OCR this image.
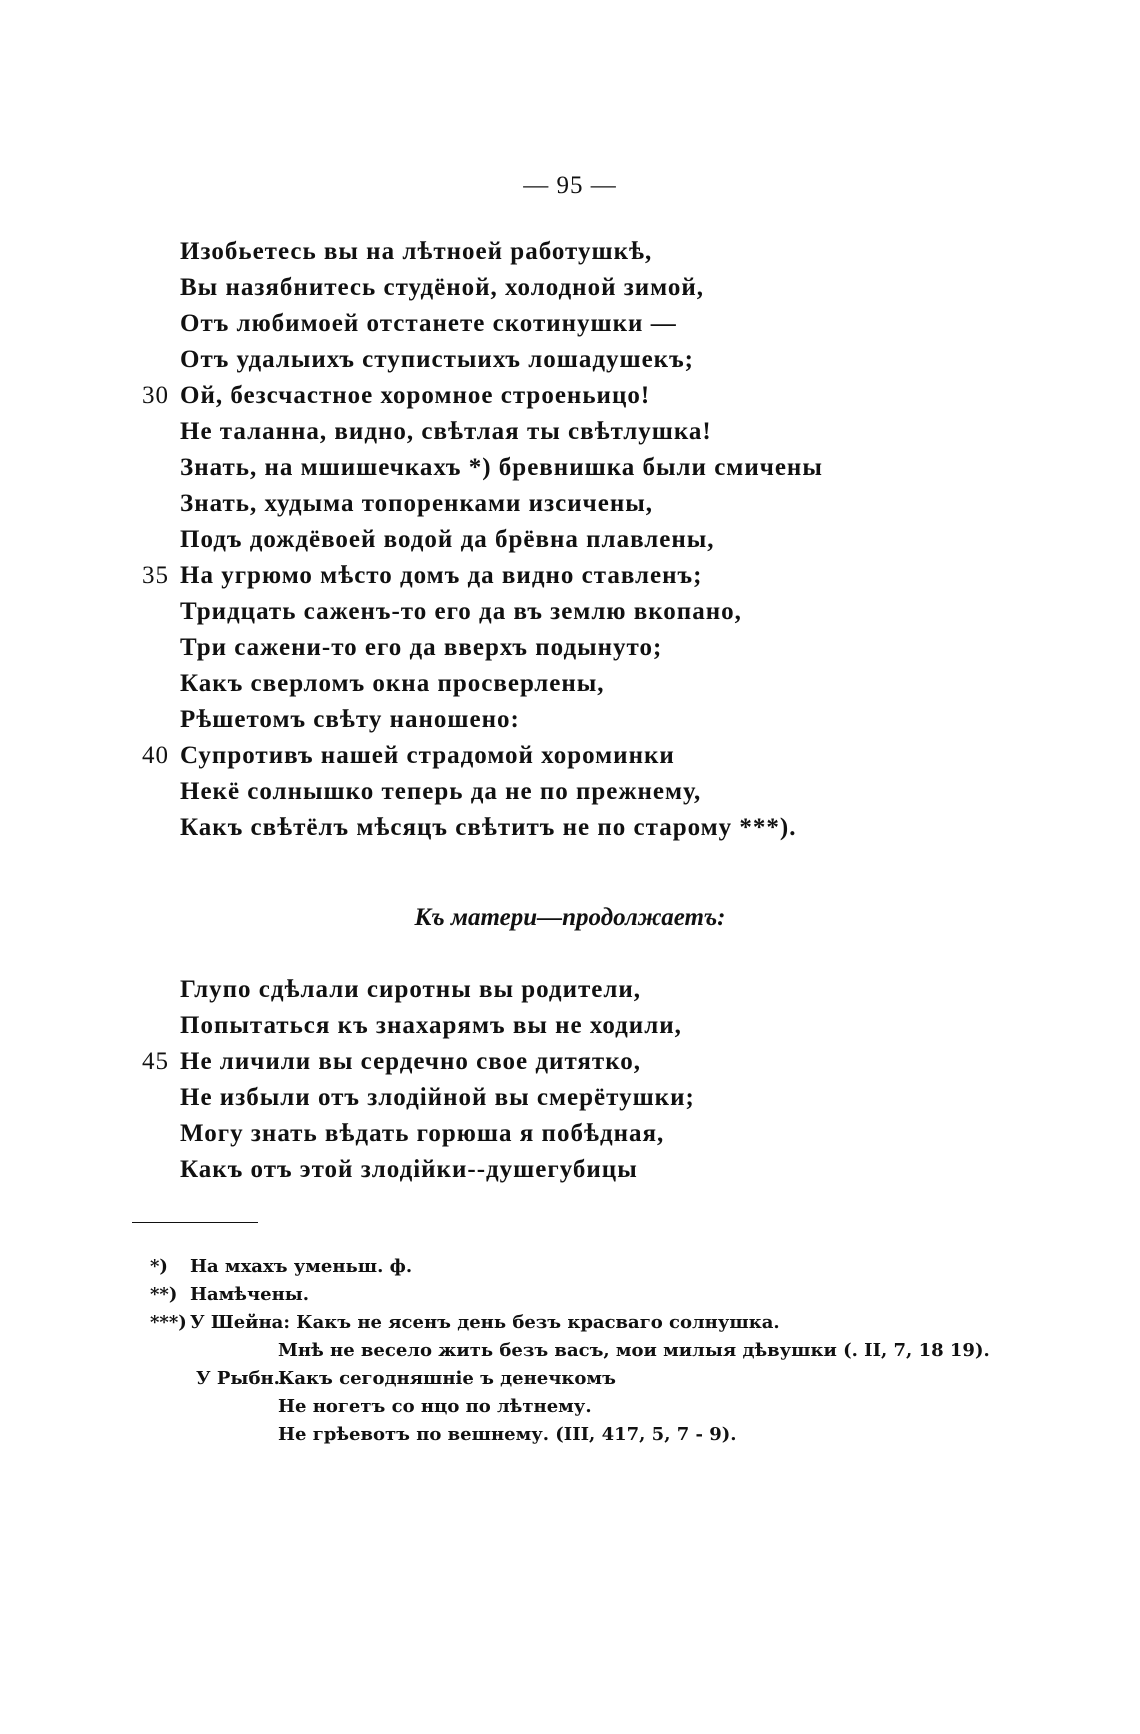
— 95 —
Изобьетесь вы на лѣтноей работушкѣ,
Вы назябнитесь студёной, холодной зимой,
Отъ любимоей отстанете скотинушки —
Отъ удалыихъ ступистыихъ лошадушекъ;
30 Ой, безсчастное хоромное строеньицо!
Не таланна, видно, свѣтлая ты свѣтлушка!
Знать, на мшишечкахъ *) бревнишка были смичены
Знать, худыма топоренками изсичены,
Подъ дождёвоей водой да брёвна плавлены,
35 На угрюмо мѣсто домъ да видно ставленъ;
Тридцать саженъ-то его да въ землю вкопано,
Три сажени-то его да вверхъ подынуто;
Какъ сверломъ окна просверлены,
Рѣшетомъ свѣту наношено:
40 Супротивъ нашей страдомой хороминки
Некё солнышко теперь да не по прежнему,
Какъ свѣтёлъ мѣсяцъ свѣтитъ не по старому ***).
Къ матери—продолжаетъ:
Глупо сдѣлали сиротны вы родители,
Попытаться къ знахарямъ вы не ходили,
45 Не личили вы сердечно свое дитятко,
Не избыли отъ злодійной вы смерётушки;
Могу знать вѣдать горюша я побѣдная,
Какъ отъ этой злодійки--душегубицы
*) На мхахъ уменьш. ф.
**) Намѣчены.
***) У Шейна: Какъ не ясенъ день безъ красваго солнушка.
Мнѣ не весело жить безъ васъ, мои милыя дѣвушки (. II, 7, 18 19).
У Рыбн.:
Какъ сегодняшніе ъ денечкомъ
Не ногетъ со нцо по лѣтнему.
Не грѣевотъ по вешнему. (III, 417, 5, 7 - 9).
